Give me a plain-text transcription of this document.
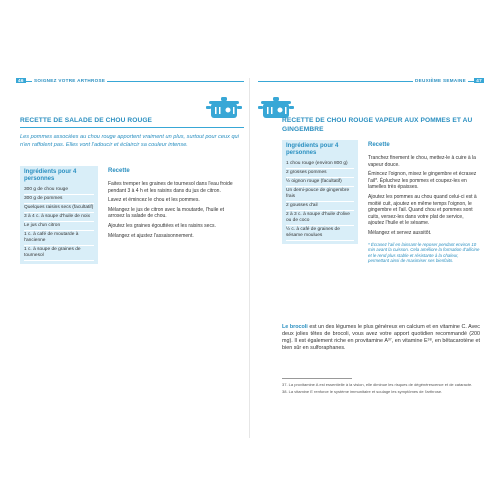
46	SOIGNEZ VOTRE ARTHROSE
RECETTE DE SALADE DE CHOU ROUGE
Les pommes associées au chou rouge apportent vraiment un plus, surtout pour ceux qui n'en raffolent pas. Elles vont l'adoucir et éclaircir sa couleur intense.
Ingrédients pour 4 personnes
300 g de chou rouge
300 g de pommes
Quelques raisins secs (facultatif)
3 à 4 c. à soupe d'huile de noix
Le jus d'un citron
1 c. à café de moutarde à l'ancienne
1 c. à soupe de graines de tournesol
Recette

Faites tremper les graines de tournesol dans l'eau froide pendant 3 à 4 h et les raisins dans du jus de citron.

Lavez et émincez le chou et les pommes.

Mélangez le jus de citron avec la moutarde, l'huile et arrosez la salade de chou.

Ajoutez les graines égouttées et les raisins secs.

Mélangez et ajustez l'assaisonnement.

47
DEUXIÈME SEMAINE
RECETTE DE CHOU ROUGE VAPEUR AUX POMMES ET AU GINGEMBRE
Ingrédients pour 4 personnes
1 chou rouge (environ 800 g)
2 grosses pommes
½ oignon rouge (facultatif)
Un demi-pouce de gingembre frais
2 gousses d'ail
2 à 3 c. à soupe d'huile d'olive ou de coco
½ c. à café de graines de sésame moulues
Recette

Tranchez finement le chou, mettez-le à cuire à la vapeur douce.

Émincez l'oignon, mixez le gingembre et écrasez l'ail*. Épluchez les pommes et coupez-les en lamelles très épaisses.

Ajoutez les pommes au chou quand celui-ci est à moitié cuit, ajoutez en même temps l'oignon, le gingembre et l'ail. Quand chou et pommes sont cuits, versez-les dans votre plat de service, ajoutez l'huile et le sésame.

Mélangez et servez aussitôt.

* Écrasez l'ail en laissant-le reposer pendant environ 10 min avant la cuisson. Cela améliore la formation d'allicine et le rend plus stable et résistante à la chaleur, permettant ainsi de maximiser ses bienfaits.
Le brocoli est un des légumes le plus généreux en calcium et en vitamine C. Avec deux jolies têtes de brocoli, vous avez votre apport quotidien recommandé (200 mg). Il est également riche en provitamine A³⁷, en vitamine E³⁸, en bêtacarotène et bien sûr en sulforaphanes.
37. La provitamine A est essentielle à la vision, elle diminue les risques de dégénérescence et de cataracte.
38. La vitamine E renforce le système immunitaire et soulage les symptômes de l'arthrose.
